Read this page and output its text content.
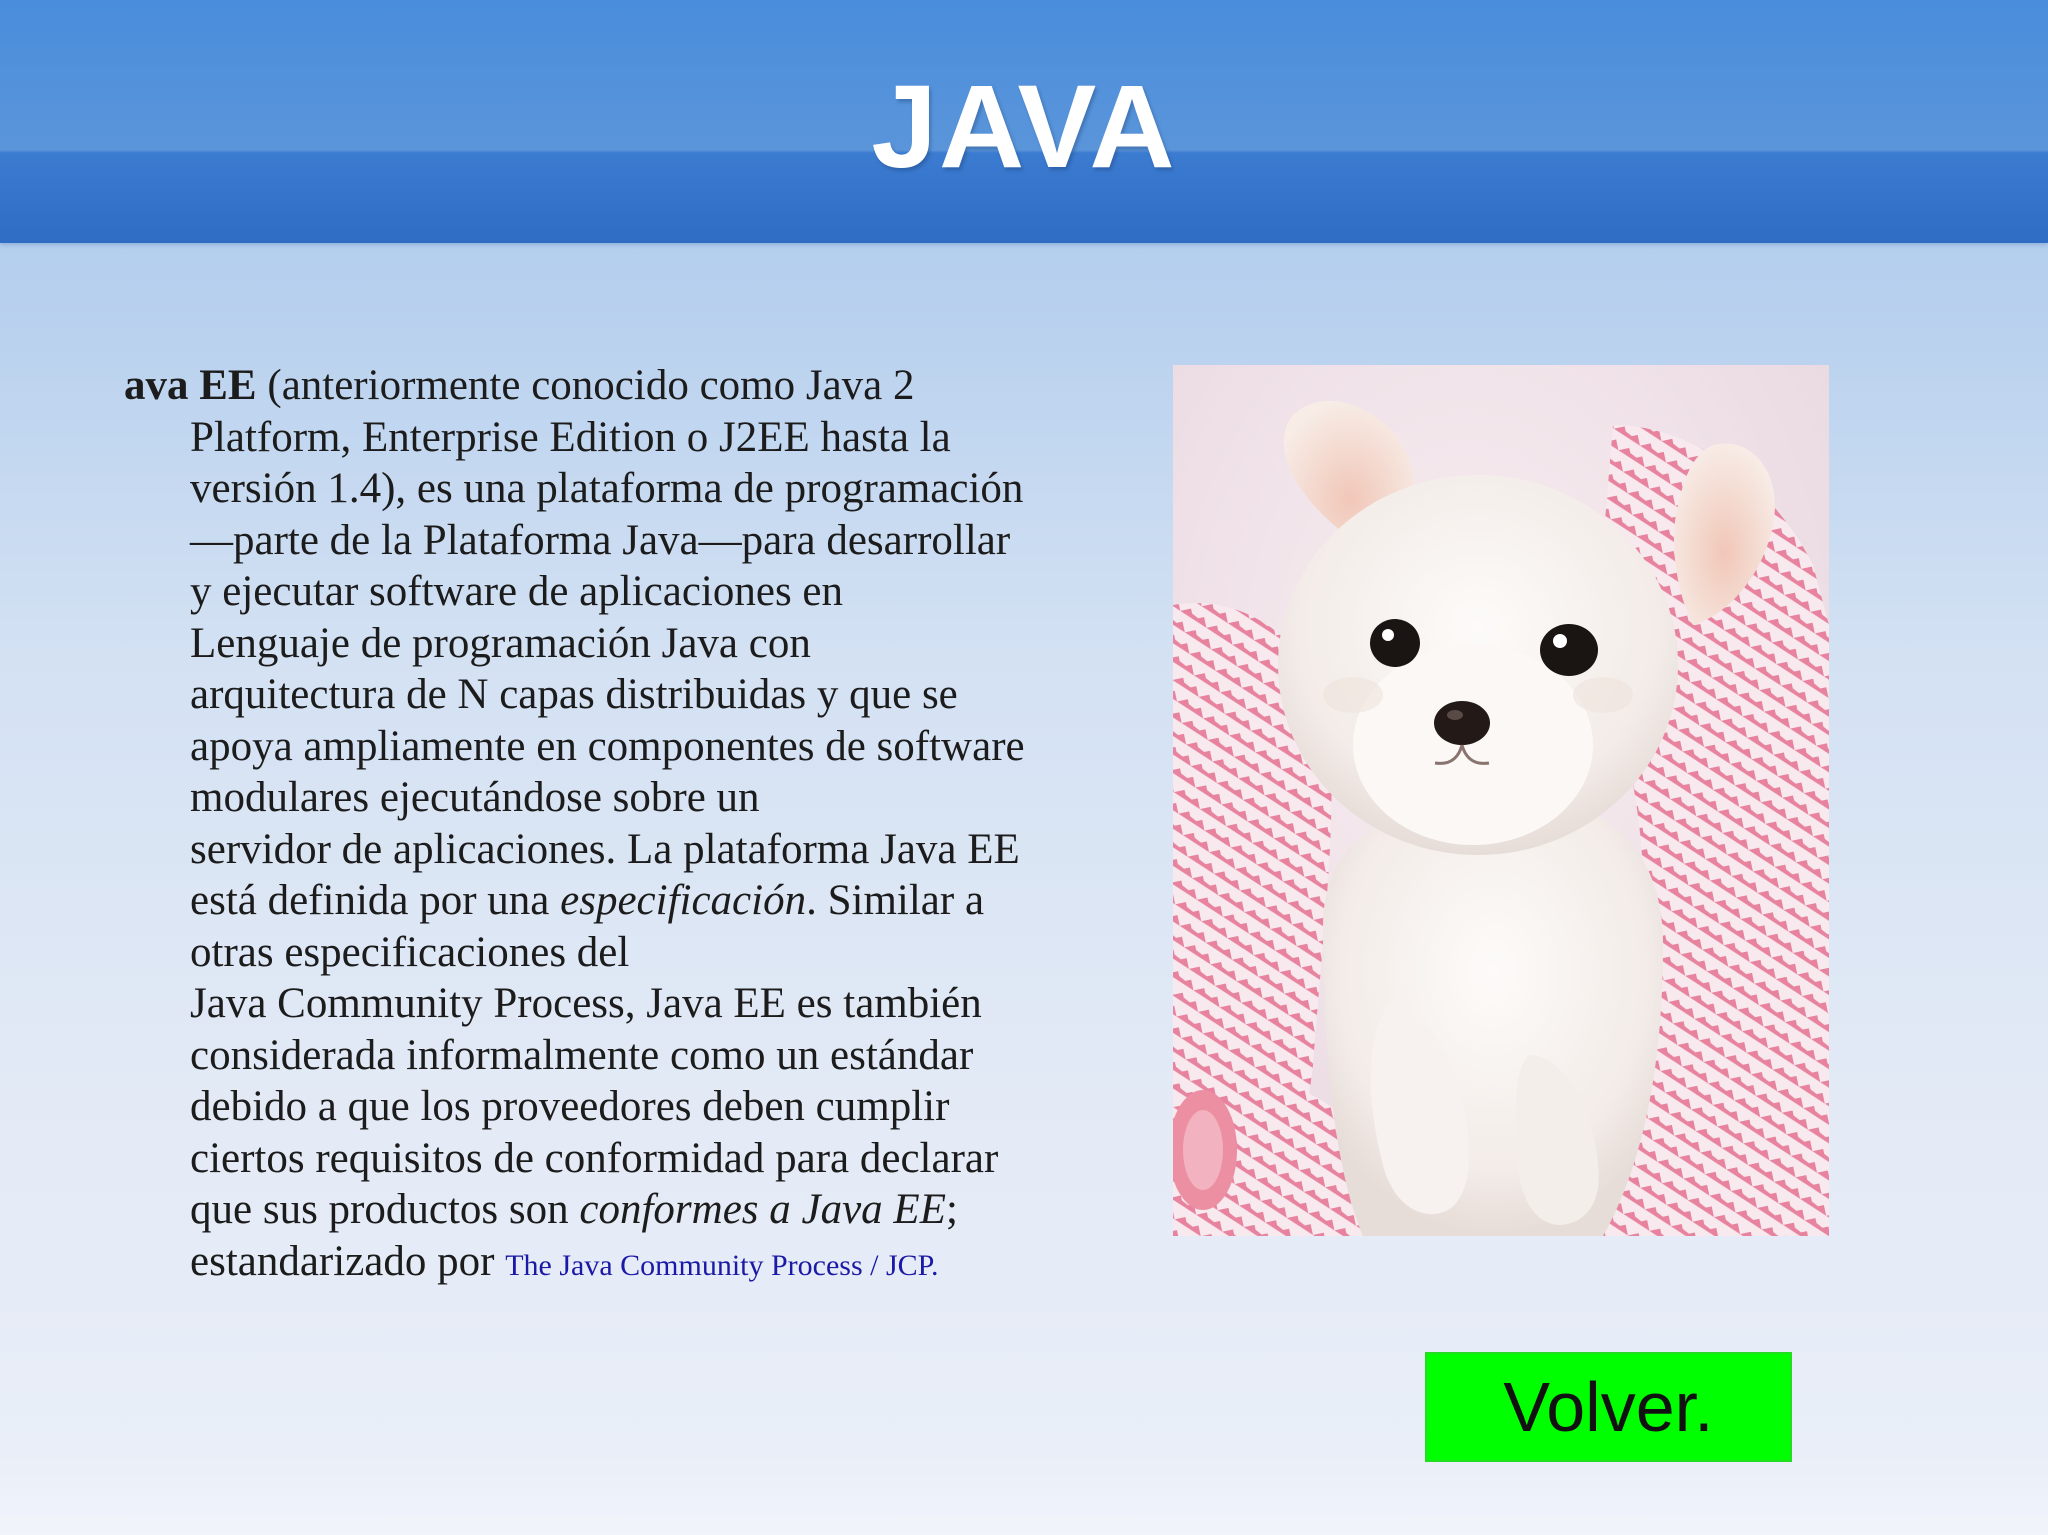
JAVA
ava EE (anteriormente conocido como Java 2
Platform, Enterprise Edition o J2EE hasta la
versión 1.4), es una plataforma de programación
—parte de la Plataforma Java—para desarrollar
y ejecutar software de aplicaciones en
Lenguaje de programación Java con
arquitectura de N capas distribuidas y que se
apoya ampliamente en componentes de software
modulares ejecutándose sobre un
servidor de aplicaciones. La plataforma Java EE
está definida por una especificación. Similar a
otras especificaciones del
Java Community Process, Java EE es también
considerada informalmente como un estándar
debido a que los proveedores deben cumplir
ciertos requisitos de conformidad para declarar
que sus productos son conformes a Java EE;
estandarizado por The Java Community Process / JCP.
Volver.
